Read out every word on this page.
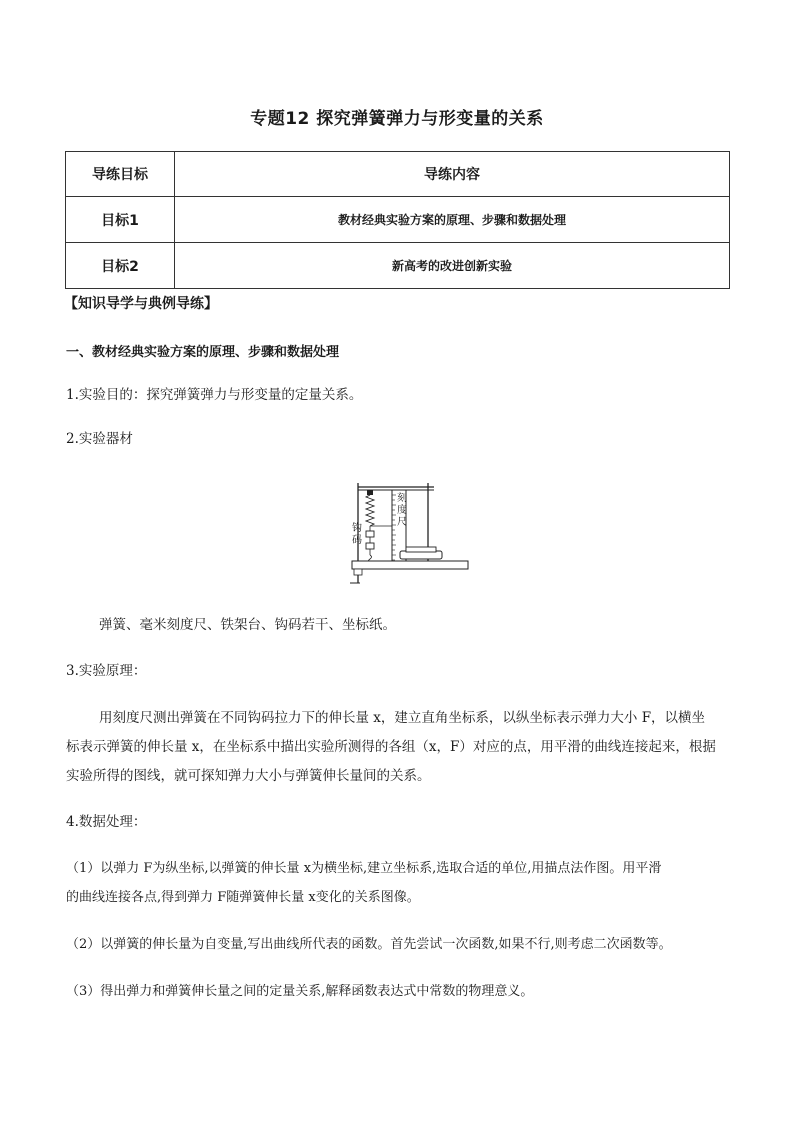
专题12 探究弹簧弹力与形变量的关系
导练目标	导练内容
目标1	教材经典实验方案的原理、步骤和数据处理
目标2	新高考的改进创新实验
【知识导学与典例导练】
一、教材经典实验方案的原理、步骤和数据处理
1.实验目的：探究弹簧弹力与形变量的定量关系。
2.实验器材
刻度尺
钩码
弹簧、毫米刻度尺、铁架台、钩码若干、坐标纸。
3.实验原理：
用刻度尺测出弹簧在不同钩码拉力下的伸长量 x，建立直角坐标系，以纵坐标表示弹力大小 F，以横坐
标表示弹簧的伸长量 x，在坐标系中描出实验所测得的各组（x，F）对应的点，用平滑的曲线连接起来，根据
实验所得的图线，就可探知弹力大小与弹簧伸长量间的关系。
4.数据处理：
（1）以弹力 F为纵坐标,以弹簧的伸长量 x为横坐标,建立坐标系,选取合适的单位,用描点法作图。用平滑
的曲线连接各点,得到弹力 F随弹簧伸长量 x变化的关系图像。
（2）以弹簧的伸长量为自变量,写出曲线所代表的函数。首先尝试一次函数,如果不行,则考虑二次函数等。
（3）得出弹力和弹簧伸长量之间的定量关系,解释函数表达式中常数的物理意义。
